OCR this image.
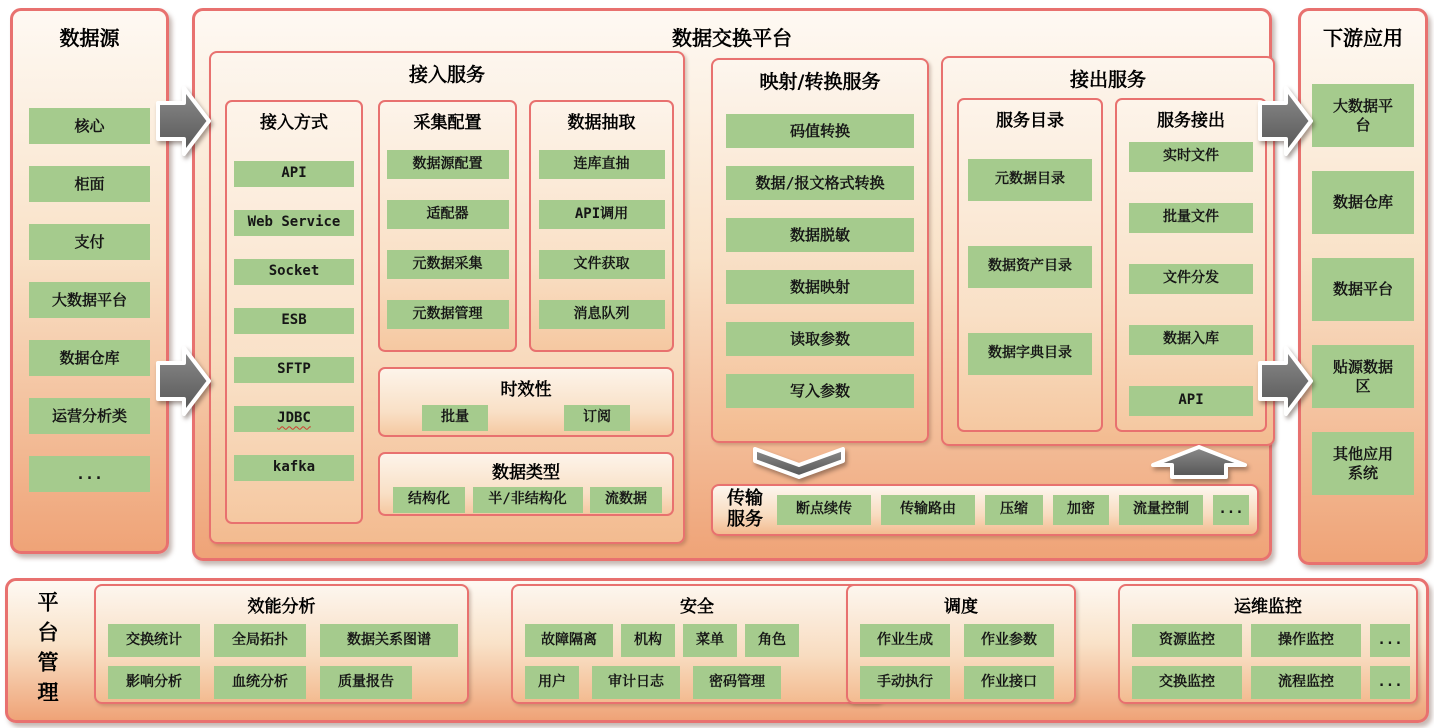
数据源
核心
柜面
支付
大数据平台
数据仓库
运营分析类
...
数据交换平台
接入服务
接入方式
API
Web Service
Socket
ESB
SFTP
JDBC
kafka
采集配置
数据源配置
适配器
元数据采集
元数据管理
数据抽取
连库直抽
API调用
文件获取
消息队列
时效性
批量	订阅
数据类型
结构化	半/非结构化	流数据
映射/转换服务
码值转换
数据/报文格式转换
数据脱敏
数据映射
读取参数
写入参数
接出服务
服务目录
元数据目录
数据资产目录
数据字典目录
服务接出
实时文件
批量文件
文件分发
数据入库
API
传输服务	断点续传	传输路由	压缩	加密	流量控制	...
下游应用
大数据平台
数据仓库
数据平台
贴源数据区
其他应用系统
平台管理	效能分析
交换统计	全局拓扑	数据关系图谱
影响分析	血统分析	质量报告
安全
故障隔离	机构	菜单	角色
用户	审计日志	密码管理
调度
作业生成	作业参数
手动执行	作业接口
运维监控
资源监控	操作监控	...
交换监控	流程监控	...
